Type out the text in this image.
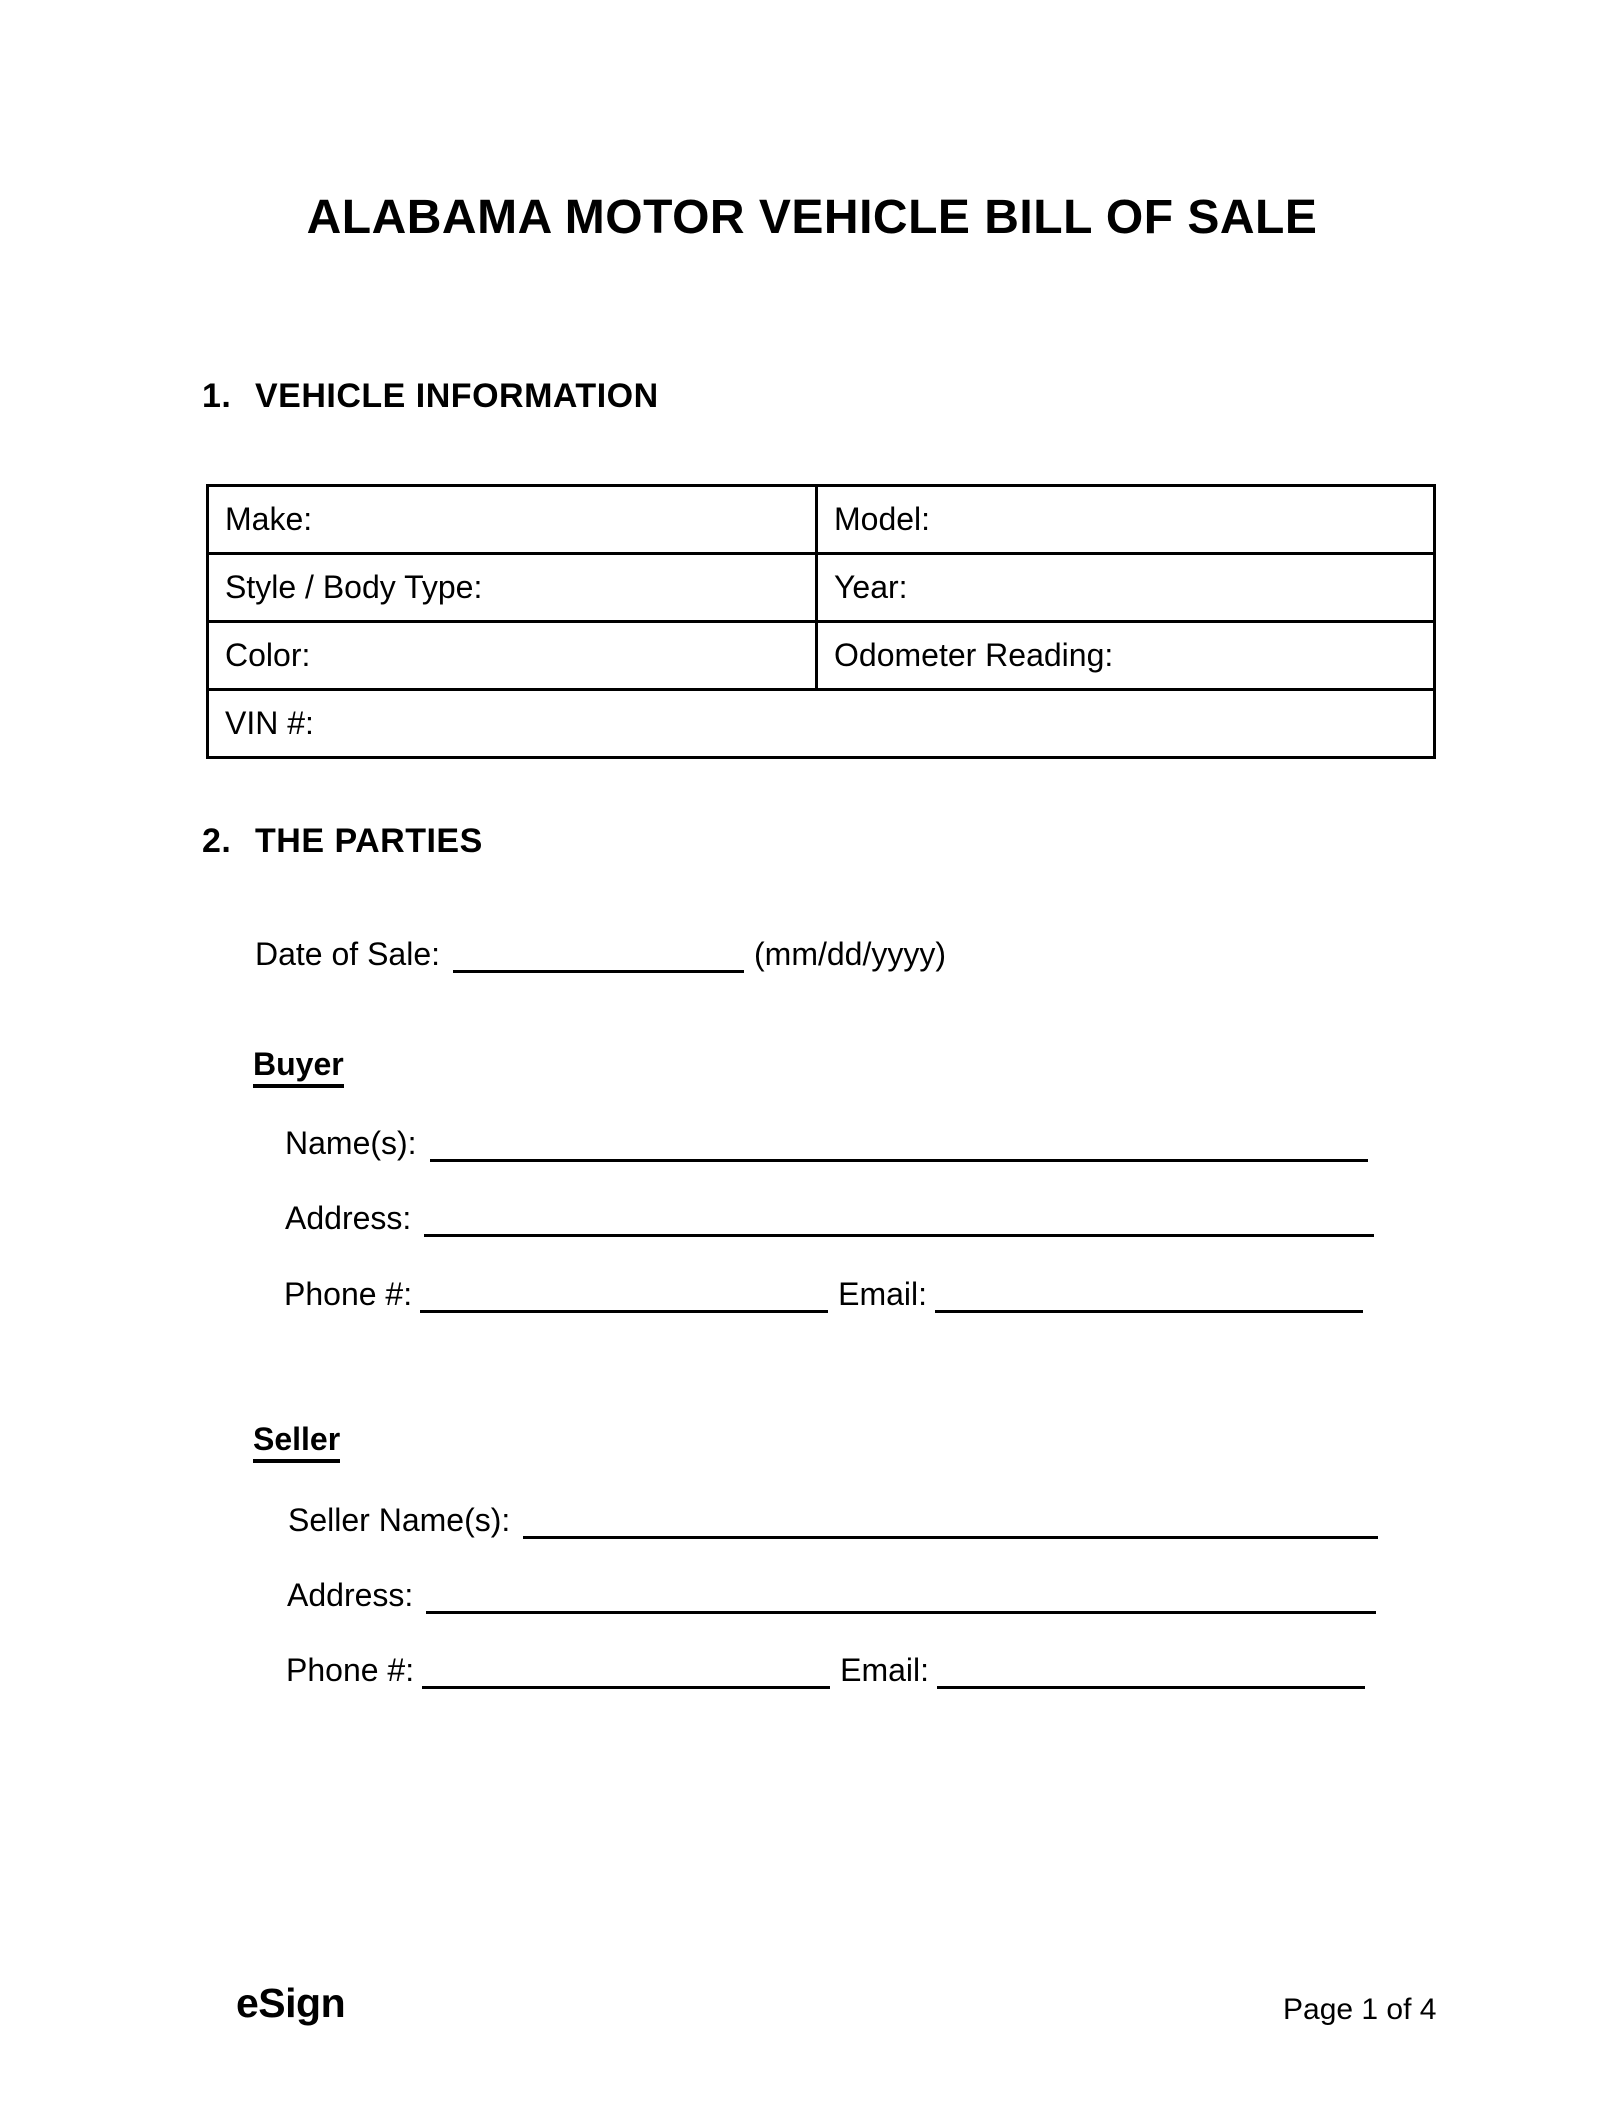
ALABAMA MOTOR VEHICLE BILL OF SALE
1. VEHICLE INFORMATION
Make:	Model:
Style / Body Type:	Year:
Color:	Odometer Reading:
VIN #:	
2. THE PARTIES
Date of Sale:	(mm/dd/yyyy)
Buyer
Name(s):
Address:
Phone #:	Email:
Seller
Seller Name(s):
Address:
Phone #:	Email:
eSign	Page 1 of 4
